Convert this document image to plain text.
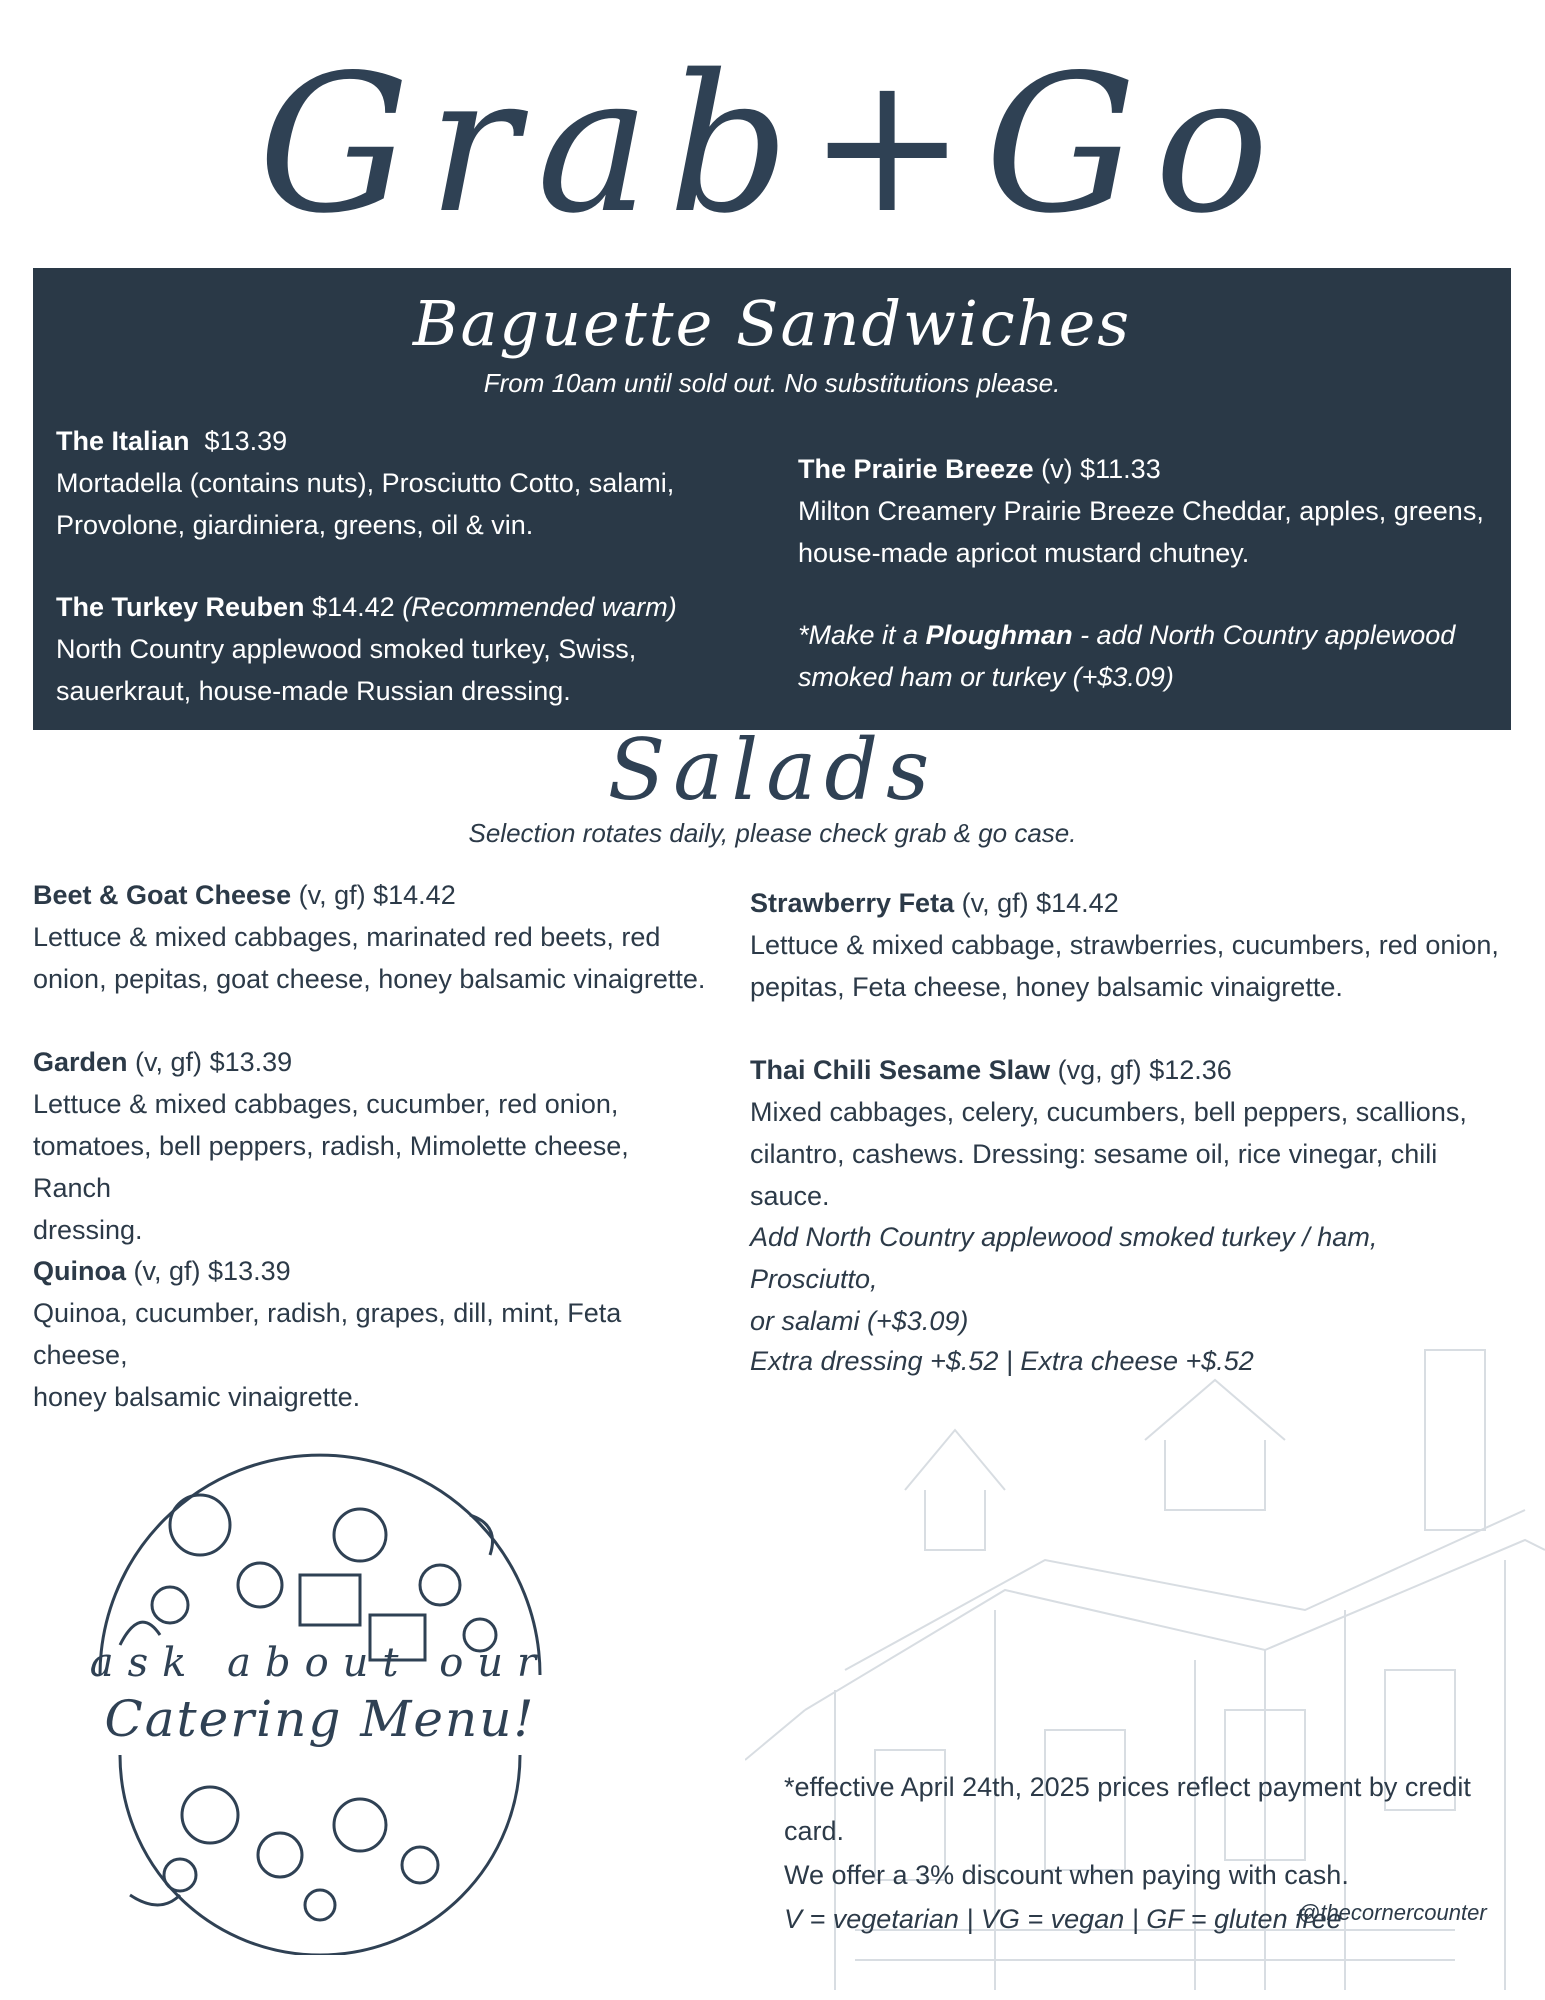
Grab+Go
Baguette Sandwiches
From 10am until sold out. No substitutions please.
The Italian $13.39
Mortadella (contains nuts), Prosciutto Cotto, salami,
Provolone, giardiniera, greens, oil & vin.
The Turkey Reuben $14.42 (Recommended warm)
North Country applewood smoked turkey, Swiss,
sauerkraut, house-made Russian dressing.
The Prairie Breeze (v) $11.33
Milton Creamery Prairie Breeze Cheddar, apples, greens,
house-made apricot mustard chutney.
*Make it a Ploughman - add North Country applewood
smoked ham or turkey (+$3.09)
Salads
Selection rotates daily, please check grab & go case.
Beet & Goat Cheese (v, gf) $14.42
Lettuce & mixed cabbages, marinated red beets, red
onion, pepitas, goat cheese, honey balsamic vinaigrette.
Garden (v, gf) $13.39
Lettuce & mixed cabbages, cucumber, red onion,
tomatoes, bell peppers, radish, Mimolette cheese, Ranch
dressing.
Quinoa (v, gf) $13.39
Quinoa, cucumber, radish, grapes, dill, mint, Feta cheese,
honey balsamic vinaigrette.
Strawberry Feta (v, gf) $14.42
Lettuce & mixed cabbage, strawberries, cucumbers, red onion,
pepitas, Feta cheese, honey balsamic vinaigrette.
Thai Chili Sesame Slaw (vg, gf) $12.36
Mixed cabbages, celery, cucumbers, bell peppers, scallions,
cilantro, cashews. Dressing: sesame oil, rice vinegar, chili sauce.
Add North Country applewood smoked turkey / ham, Prosciutto,
or salami (+$3.09)
Extra dressing +$.52 | Extra cheese +$.52
ask about our
Catering Menu!
*effective April 24th, 2025 prices reflect payment by credit card.
We offer a 3% discount when paying with cash.
V = vegetarian | VG = vegan | GF = gluten free
@thecornercounter
